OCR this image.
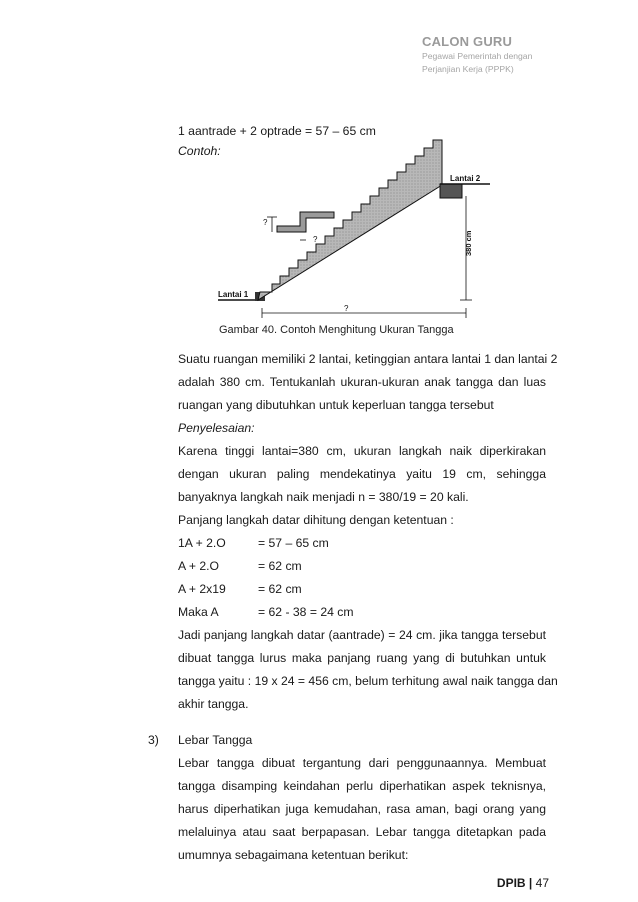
CALON GURU
Pegawai Pemerintah dengan
Perjanjian Kerja (PPPK)
1 aantrade + 2 optrade = 57 – 65 cm
Contoh:
Lantai 2
Lantai 1
380 cm
?
?
?
Gambar 40. Contoh Menghitung Ukuran Tangga
Suatu ruangan memiliki 2 lantai, ketinggian antara lantai 1 dan lantai 2
adalah 380 cm. Tentukanlah ukuran-ukuran anak tangga dan luas
ruangan yang dibutuhkan untuk keperluan tangga tersebut
Penyelesaian:
Karena tinggi lantai=380 cm, ukuran langkah naik diperkirakan
dengan ukuran paling mendekatinya yaitu 19 cm, sehingga
banyaknya langkah naik menjadi n = 380/19 = 20 kali.
Panjang langkah datar dihitung dengan ketentuan :
1A + 2.O	= 57 – 65 cm
A + 2.O	= 62 cm
A + 2x19	= 62 cm
Maka A	= 62 - 38 = 24 cm
Jadi panjang langkah datar (aantrade) = 24 cm. jika tangga tersebut
dibuat tangga lurus maka panjang ruang yang di butuhkan untuk
tangga yaitu : 19 x 24 = 456 cm, belum terhitung awal naik tangga dan
akhir tangga.
3) Lebar Tangga
Lebar tangga dibuat tergantung dari penggunaannya. Membuat
tangga disamping keindahan perlu diperhatikan aspek teknisnya,
harus diperhatikan juga kemudahan, rasa aman, bagi orang yang
melaluinya atau saat berpapasan. Lebar tangga ditetapkan pada
umumnya sebagaimana ketentuan berikut:
DPIB | 47
